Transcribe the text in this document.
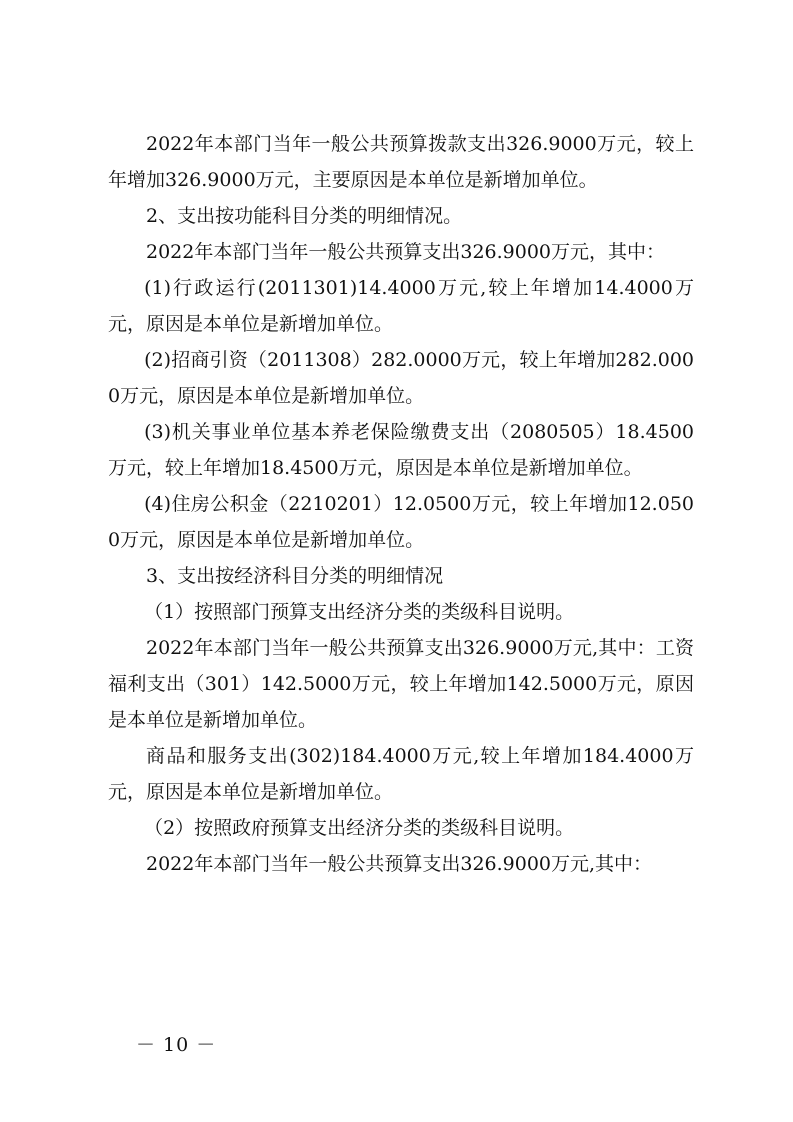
2022年本部门当年一般公共预算拨款支出326.9000万元，较上年增加326.9000万元，主要原因是本单位是新增加单位。

2、支出按功能科目分类的明细情况。

2022年本部门当年一般公共预算支出326.9000万元，其中：

(1)行政运行(2011301)14.4000万元,较上年增加14.4000万元，原因是本单位是新增加单位。

(2)招商引资（2011308）282.0000万元，较上年增加282.0000万元，原因是本单位是新增加单位。

(3)机关事业单位基本养老保险缴费支出（2080505）18.4500万元，较上年增加18.4500万元，原因是本单位是新增加单位。

(4)住房公积金（2210201）12.0500万元，较上年增加12.0500万元，原因是本单位是新增加单位。

3、支出按经济科目分类的明细情况

（1）按照部门预算支出经济分类的类级科目说明。

2022年本部门当年一般公共预算支出326.9000万元,其中：工资福利支出（301）142.5000万元，较上年增加142.5000万元，原因是本单位是新增加单位。

商品和服务支出(302)184.4000万元,较上年增加184.4000万元，原因是本单位是新增加单位。

（2）按照政府预算支出经济分类的类级科目说明。

2022年本部门当年一般公共预算支出326.9000万元,其中：

－ 10 －
